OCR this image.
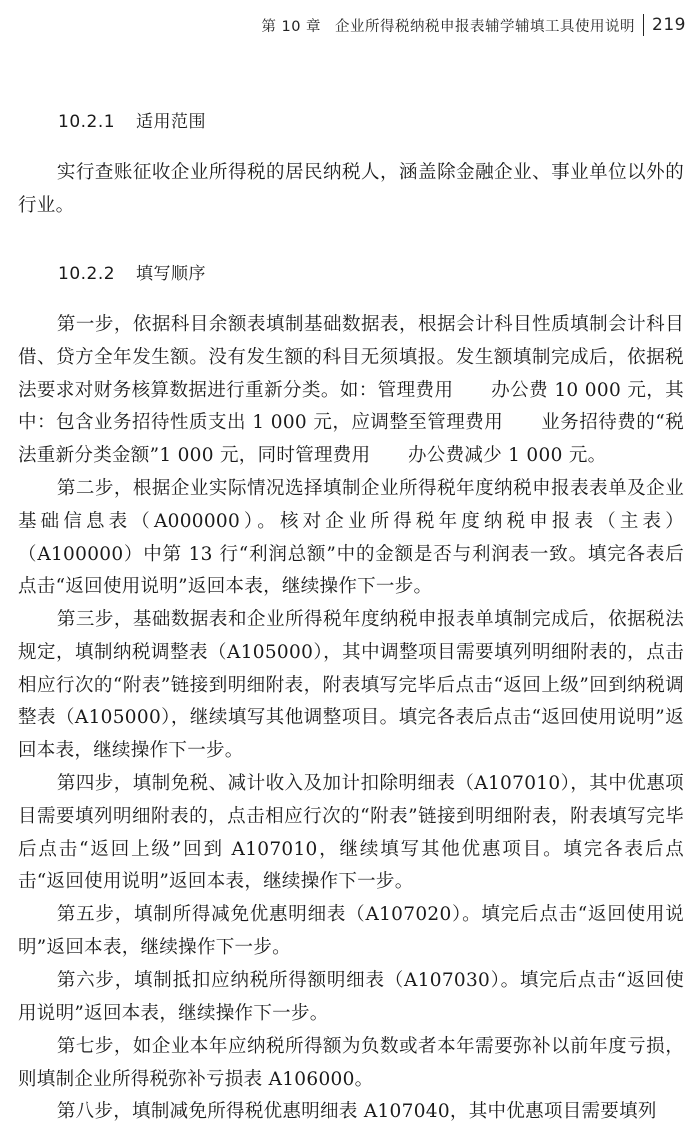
第 10 章 企业所得税纳税申报表辅学辅填工具使用说明 219
10.2.1 适用范围

实行查账征收企业所得税的居民纳税人，涵盖除金融企业、事业单位以外的行业。

10.2.2 填写顺序

第一步，依据科目余额表填制基础数据表，根据会计科目性质填制会计科目借、贷方全年发生额。没有发生额的科目无须填报。发生额填制完成后，依据税法要求对财务核算数据进行重新分类。如：管理费用　　办公费 10 000 元，其中：包含业务招待性质支出 1 000 元，应调整至管理费用　　业务招待费的“税法重新分类金额”1 000 元，同时管理费用　　办公费减少 1 000 元。

第二步，根据企业实际情况选择填制企业所得税年度纳税申报表表单及企业基础信息表（A000000）。核对企业所得税年度纳税申报表（主表）（A100000）中第 13 行“利润总额”中的金额是否与利润表一致。填完各表后点击“返回使用说明”返回本表，继续操作下一步。

第三步，基础数据表和企业所得税年度纳税申报表单填制完成后，依据税法规定，填制纳税调整表（A105000），其中调整项目需要填列明细附表的，点击相应行次的“附表”链接到明细附表，附表填写完毕后点击“返回上级”回到纳税调整表（A105000），继续填写其他调整项目。填完各表后点击“返回使用说明”返回本表，继续操作下一步。

第四步，填制免税、减计收入及加计扣除明细表（A107010），其中优惠项目需要填列明细附表的，点击相应行次的“附表”链接到明细附表，附表填写完毕后点击“返回上级”回到 A107010，继续填写其他优惠项目。填完各表后点击“返回使用说明”返回本表，继续操作下一步。

第五步，填制所得减免优惠明细表（A107020）。填完后点击“返回使用说明”返回本表，继续操作下一步。

第六步，填制抵扣应纳税所得额明细表（A107030）。填完后点击“返回使用说明”返回本表，继续操作下一步。

第七步，如企业本年应纳税所得额为负数或者本年需要弥补以前年度亏损，则填制企业所得税弥补亏损表 A106000。

第八步，填制减免所得税优惠明细表 A107040，其中优惠项目需要填列
